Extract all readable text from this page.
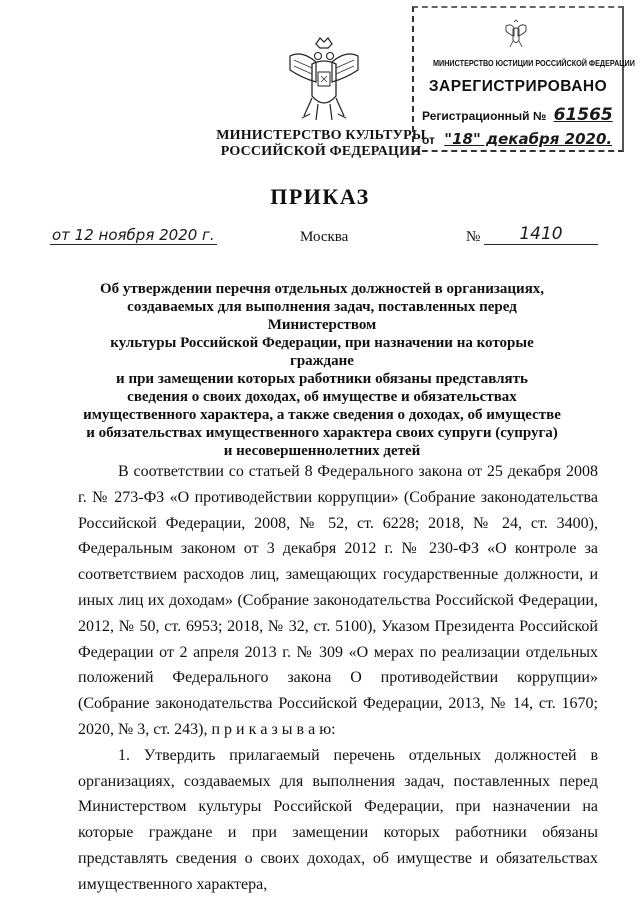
МИНИСТЕРСТВО КУЛЬТУРЫ
РОССИЙСКОЙ ФЕДЕРАЦИИ
МИНИСТЕРСТВО ЮСТИЦИИ РОССИЙСКОЙ ФЕДЕРАЦИИ
ЗАРЕГИСТРИРОВАНО
Регистрационный № 61565
от "18" декабря 2020.
ПРИКАЗ
от 12 ноября 2020 г.	Москва	№	1410
Об утверждении перечня отдельных должностей в организациях,
создаваемых для выполнения задач, поставленных перед Министерством
культуры Российской Федерации, при назначении на которые граждане
и при замещении которых работники обязаны представлять
сведения о своих доходах, об имуществе и обязательствах
имущественного характера, а также сведения о доходах, об имуществе
и обязательствах имущественного характера своих супруги (супруга)
и несовершеннолетних детей

В соответствии со статьей 8 Федерального закона от 25 декабря 2008 г. № 273-ФЗ «О противодействии коррупции» (Собрание законодательства Российской Федерации, 2008, № 52, ст. 6228; 2018, № 24, ст. 3400), Федеральным законом от 3 декабря 2012 г. № 230-ФЗ «О контроле за соответствием расходов лиц, замещающих государственные должности, и иных лиц их доходам» (Собрание законодательства Российской Федерации, 2012, № 50, ст. 6953; 2018, № 32, ст. 5100), Указом Президента Российской Федерации от 2 апреля 2013 г. № 309 «О мерах по реализации отдельных положений Федерального закона О противодействии коррупции» (Собрание законодательства Российской Федерации, 2013, № 14, ст. 1670; 2020, № 3, ст. 243), п р и к а з ы в а ю:

1. Утвердить прилагаемый перечень отдельных должностей в организациях, создаваемых для выполнения задач, поставленных перед Министерством культуры Российской Федерации, при назначении на которые граждане и при замещении которых работники обязаны представлять сведения о своих доходах, об имуществе и обязательствах имущественного характера,
